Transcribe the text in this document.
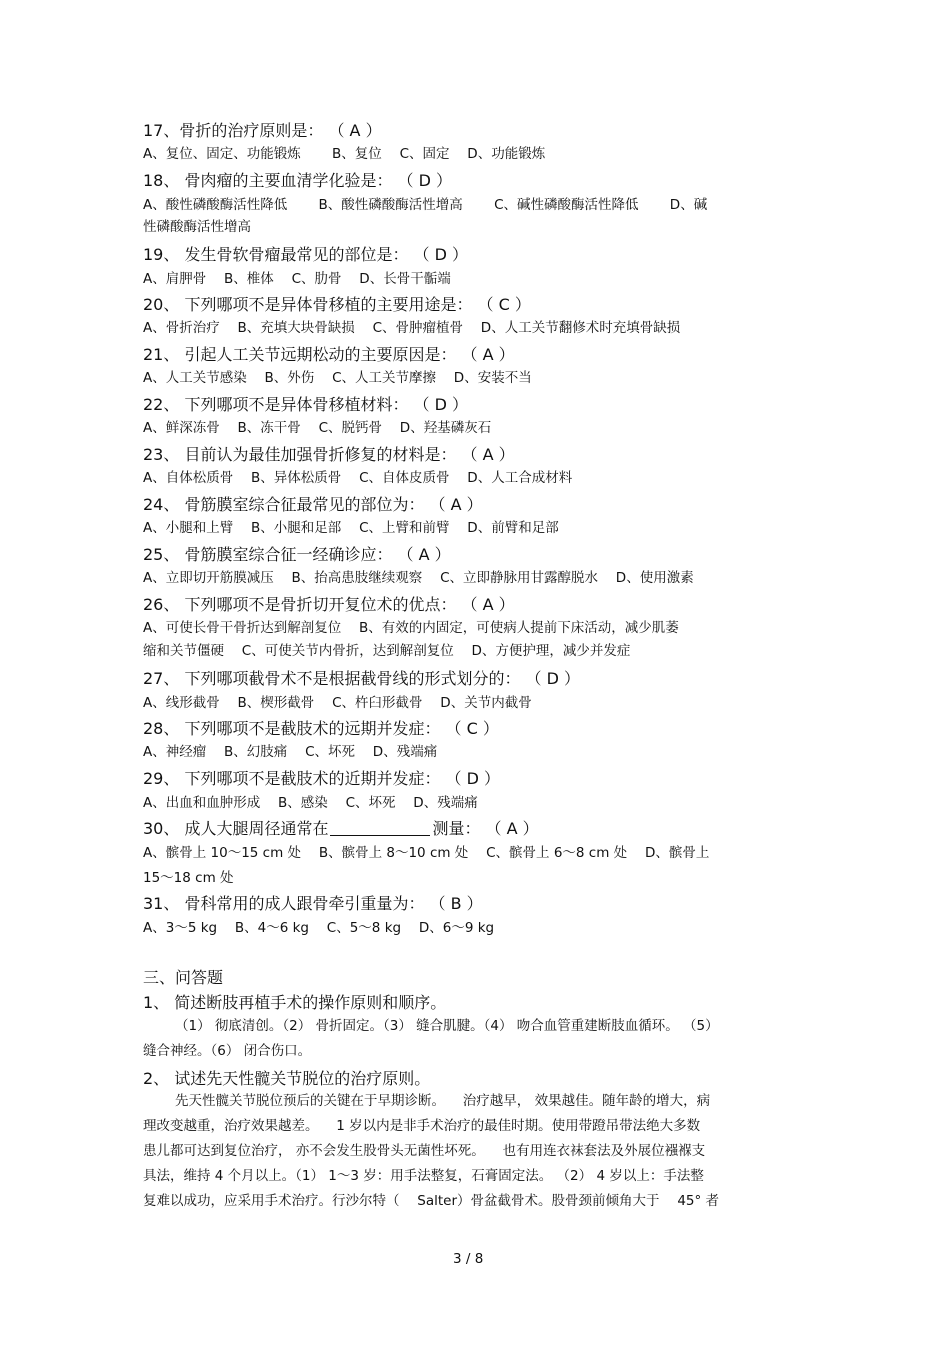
17、骨折的治疗原则是： （ A ）
A、复位、固定、功能锻炼 　　B、复位 　C、固定 　D、功能锻炼
18、 骨肉瘤的主要血清学化验是： （ D ）
A、酸性磷酸酶活性降低 　　B、酸性磷酸酶活性增高 　　C、碱性磷酸酶活性降低 　　D、碱
性磷酸酶活性增高
19、 发生骨软骨瘤最常见的部位是： （ D ）
A、肩胛骨 　B、椎体 　C、肋骨 　D、长骨干骺端
20、 下列哪项不是异体骨移植的主要用途是： （ C ）
A、骨折治疗 　B、充填大块骨缺损 　C、骨肿瘤植骨 　D、人工关节翻修术时充填骨缺损
21、 引起人工关节远期松动的主要原因是： （ A ）
A、人工关节感染 　B、外伤 　C、人工关节摩擦 　D、安装不当
22、 下列哪项不是异体骨移植材料： （ D ）
A、鲜深冻骨 　B、冻干骨 　C、脱钙骨 　D、羟基磷灰石
23、 目前认为最佳加强骨折修复的材料是： （ A ）
A、自体松质骨 　B、异体松质骨 　C、自体皮质骨 　D、人工合成材料
24、 骨筋膜室综合征最常见的部位为： （ A ）
A、小腿和上臂 　B、小腿和足部 　C、上臂和前臂 　D、前臂和足部
25、 骨筋膜室综合征一经确诊应： （ A ）
A、立即切开筋膜减压 　B、抬高患肢继续观察 　C、立即静脉用甘露醇脱水 　D、使用激素
26、 下列哪项不是骨折切开复位术的优点： （ A ）
A、可使长骨干骨折达到解剖复位 　B、有效的内固定，可使病人提前下床活动，减少肌萎
缩和关节僵硬 　C、可使关节内骨折，达到解剖复位 　D、方便护理，减少并发症
27、 下列哪项截骨术不是根据截骨线的形式划分的： （ D ）
A、线形截骨 　B、楔形截骨 　C、杵臼形截骨 　D、关节内截骨
28、 下列哪项不是截肢术的远期并发症： （ C ）
A、神经瘤 　B、幻肢痛 　C、坏死 　D、残端痛
29、 下列哪项不是截肢术的近期并发症： （ D ）
A、出血和血肿形成 　B、感染 　C、坏死 　D、残端痛
30、 成人大腿周径通常在	测量： （ A ）
A、髌骨上 10～15 cm 处 　B、髌骨上 8～10 cm 处 　C、髌骨上 6～8 cm 处 　D、髌骨上
15～18 cm 处
31、 骨科常用的成人跟骨牵引重量为： （ B ）
A、3～5 kg 　B、4～6 kg 　C、5～8 kg 　D、6～9 kg
三、问答题
1、 简述断肢再植手术的操作原则和顺序。
（1） 彻底清创。（2） 骨折固定。（3） 缝合肌腱。（4） 吻合血管重建断肢血循环。 （5）
缝合神经。（6） 闭合伤口。
2、 试述先天性髋关节脱位的治疗原则。
先天性髋关节脱位预后的关键在于早期诊断。 　治疗越早， 效果越佳。随年龄的增大，病
理改变越重，治疗效果越差。 　1 岁以内是非手术治疗的最佳时期。使用带蹬吊带法绝大多数
患儿都可达到复位治疗， 亦不会发生股骨头无菌性坏死。 　也有用连衣袜套法及外展位襁褓支
具法，维持 4 个月以上。（1） 1～3 岁：用手法整复，石膏固定法。 （2） 4 岁以上：手法整
复难以成功，应采用手术治疗。行沙尔特（ 　Salter）骨盆截骨术。股骨颈前倾角大于 　45° 者
3 / 8
